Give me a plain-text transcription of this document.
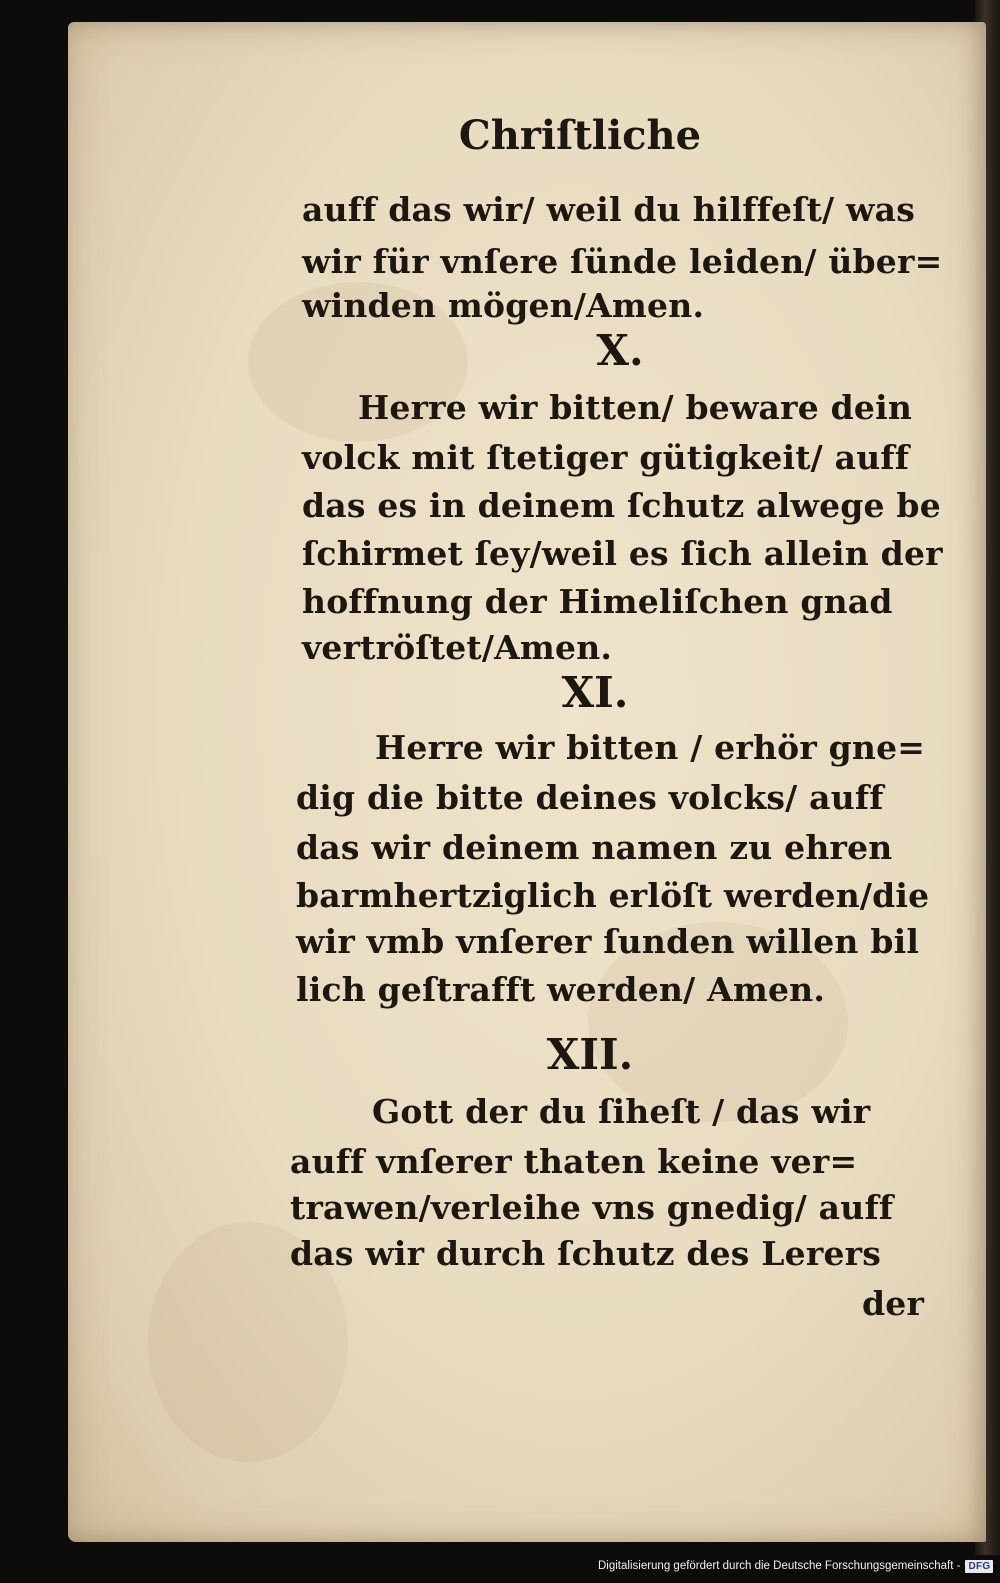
Chriſtliche
auff das wir/ weil du hilffeſt/ was
wir für vnſere ſünde leiden/ über=
winden mögen/Amen.
X.
Herre wir bitten/ beware dein
volck mit ſtetiger gütigkeit/ auff
das es in deinem ſchutz alwege be
ſchirmet ſey/weil es ſich allein der
hoffnung der Himeliſchen gnad
vertröſtet/Amen.
XI.
Herre wir bitten / erhör gne=
dig die bitte deines volcks/ auff
das wir deinem namen zu ehren
barmhertziglich erlöſt werden/die
wir vmb vnſerer ſunden willen bil
lich geſtrafft werden/ Amen.
XII.
Gott der du ſiheſt / das wir
auff vnſerer thaten keine ver=
trawen/verleihe vns gnedig/ auff
das wir durch ſchutz des Lerers
der
Digitalisierung gefördert durch die Deutsche Forschungsgemeinschaft - DFG
